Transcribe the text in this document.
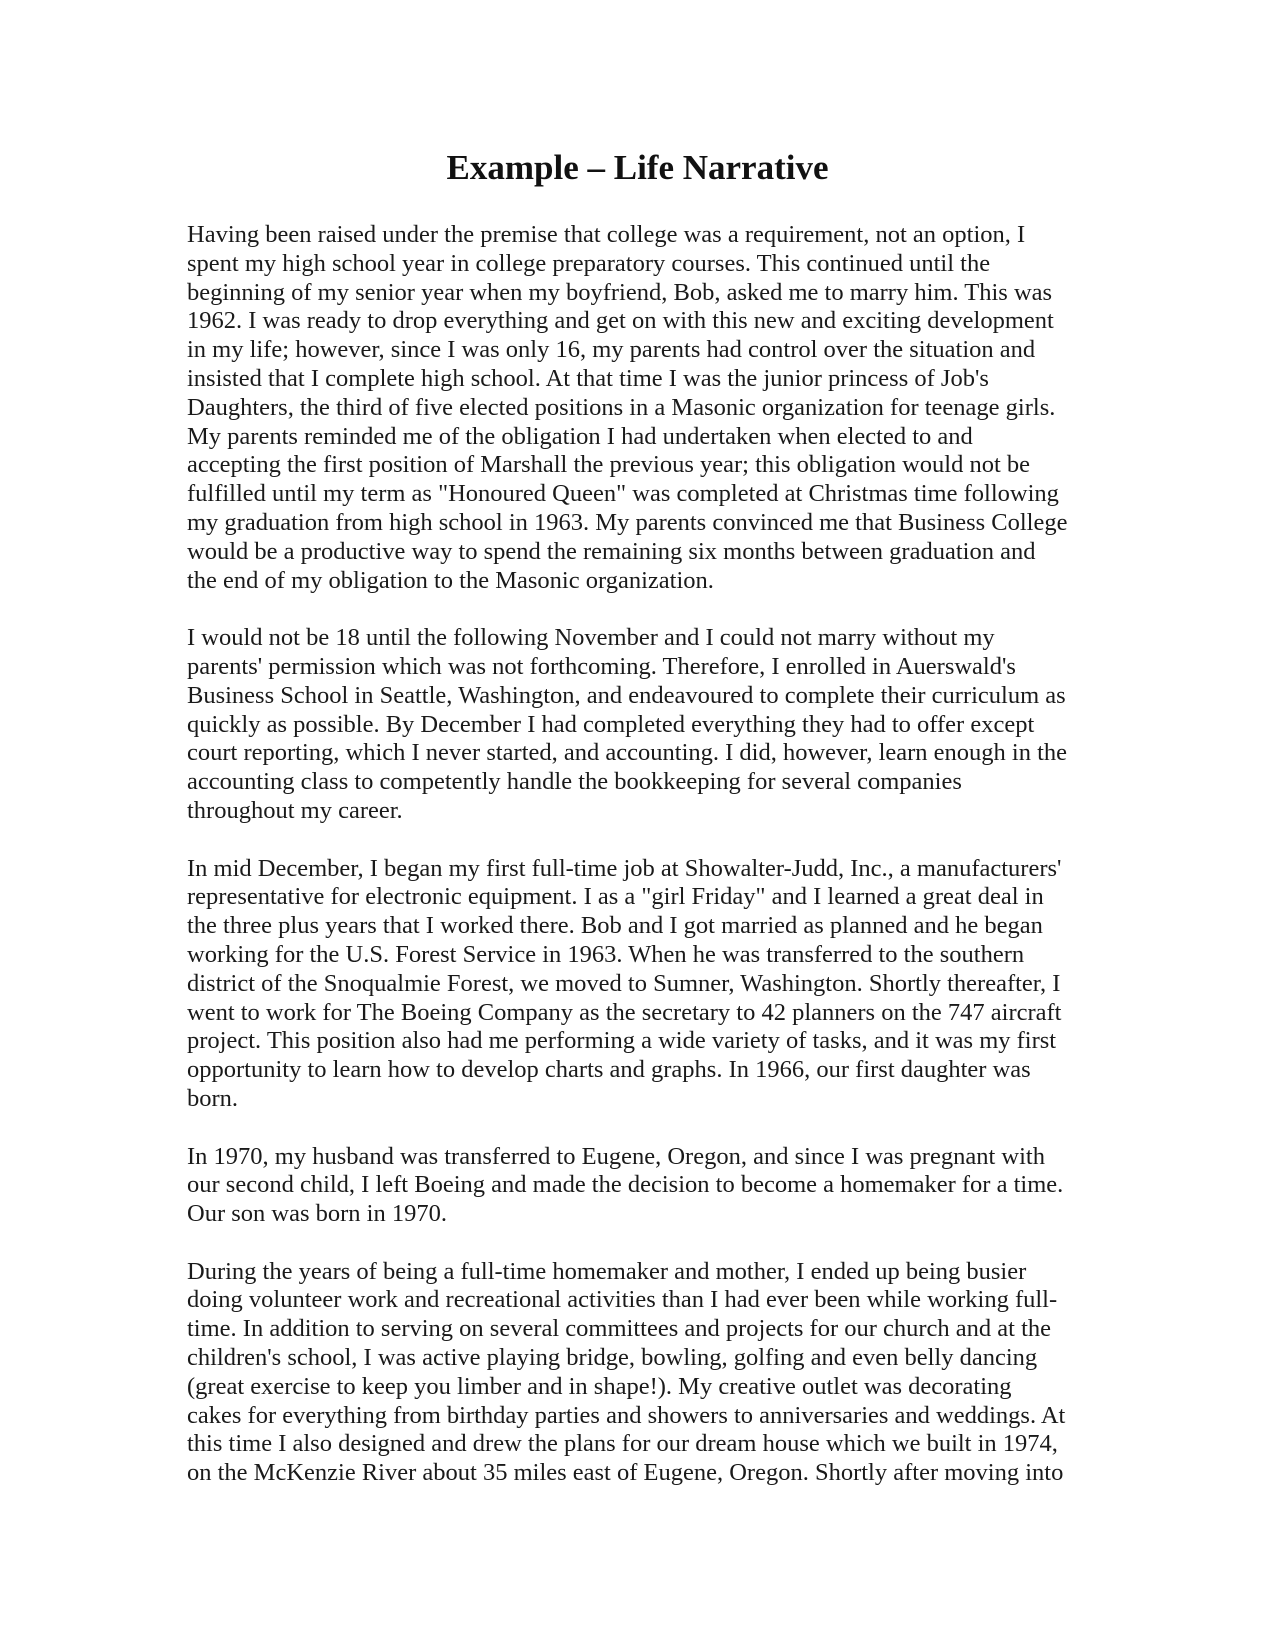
Example – Life Narrative

Having been raised under the premise that college was a requirement, not an option, I
spent my high school year in college preparatory courses. This continued until the
beginning of my senior year when my boyfriend, Bob, asked me to marry him. This was
1962. I was ready to drop everything and get on with this new and exciting development
in my life; however, since I was only 16, my parents had control over the situation and
insisted that I complete high school. At that time I was the junior princess of Job's
Daughters, the third of five elected positions in a Masonic organization for teenage girls.
My parents reminded me of the obligation I had undertaken when elected to and
accepting the first position of Marshall the previous year; this obligation would not be
fulfilled until my term as "Honoured Queen" was completed at Christmas time following
my graduation from high school in 1963. My parents convinced me that Business College
would be a productive way to spend the remaining six months between graduation and
the end of my obligation to the Masonic organization.

I would not be 18 until the following November and I could not marry without my
parents' permission which was not forthcoming. Therefore, I enrolled in Auerswald's
Business School in Seattle, Washington, and endeavoured to complete their curriculum as
quickly as possible. By December I had completed everything they had to offer except
court reporting, which I never started, and accounting. I did, however, learn enough in the
accounting class to competently handle the bookkeeping for several companies
throughout my career.

In mid December, I began my first full-time job at Showalter-Judd, Inc., a manufacturers'
representative for electronic equipment. I as a "girl Friday" and I learned a great deal in
the three plus years that I worked there. Bob and I got married as planned and he began
working for the U.S. Forest Service in 1963. When he was transferred to the southern
district of the Snoqualmie Forest, we moved to Sumner, Washington. Shortly thereafter, I
went to work for The Boeing Company as the secretary to 42 planners on the 747 aircraft
project. This position also had me performing a wide variety of tasks, and it was my first
opportunity to learn how to develop charts and graphs. In 1966, our first daughter was
born.

In 1970, my husband was transferred to Eugene, Oregon, and since I was pregnant with
our second child, I left Boeing and made the decision to become a homemaker for a time.
Our son was born in 1970.

During the years of being a full-time homemaker and mother, I ended up being busier
doing volunteer work and recreational activities than I had ever been while working full-
time. In addition to serving on several committees and projects for our church and at the
children's school, I was active playing bridge, bowling, golfing and even belly dancing
(great exercise to keep you limber and in shape!). My creative outlet was decorating
cakes for everything from birthday parties and showers to anniversaries and weddings. At
this time I also designed and drew the plans for our dream house which we built in 1974,
on the McKenzie River about 35 miles east of Eugene, Oregon. Shortly after moving into
